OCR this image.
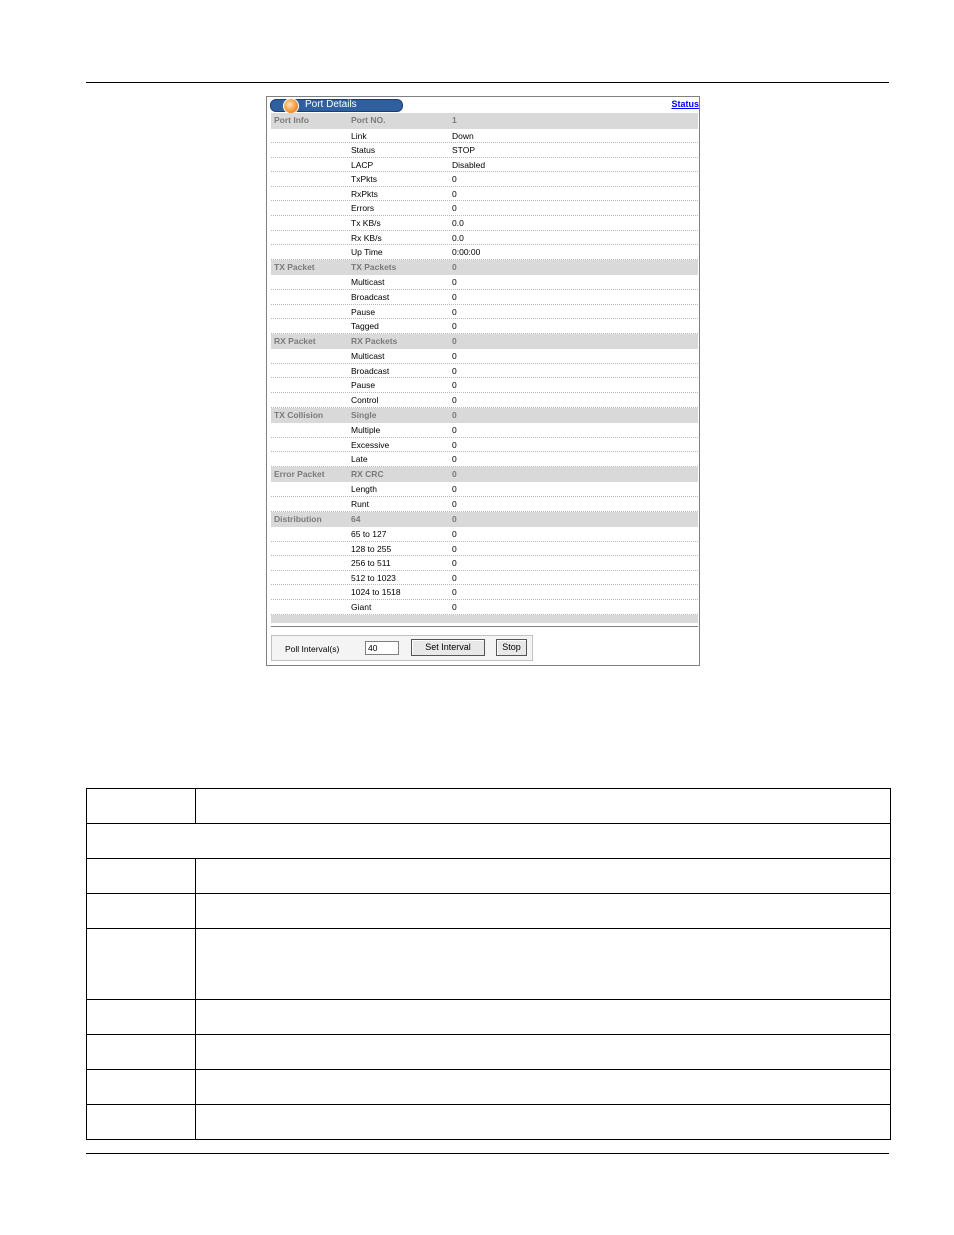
Port Details	Status
Port Info	Port NO.	1
Link	Down
Status	STOP
LACP	Disabled
TxPkts	0
RxPkts	0
Errors	0
Tx KB/s	0.0
Rx KB/s	0.0
Up Time	0:00:00
TX Packet	TX Packets	0
Multicast	0
Broadcast	0
Pause	0
Tagged	0
RX Packet	RX Packets	0
Multicast	0
Broadcast	0
Pause	0
Control	0
TX Collision	Single	0
Multiple	0
Excessive	0
Late	0
Error Packet	RX CRC	0
Length	0
Runt	0
Distribution	64	0
65 to 127	0
128 to 255	0
256 to 511	0
512 to 1023	0
1024 to 1518	0
Giant	0
Poll Interval(s)	40	Set Interval	Stop
